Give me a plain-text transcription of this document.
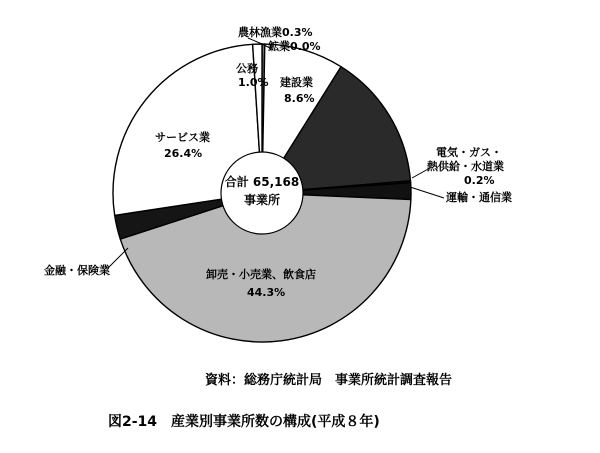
合計 65,168
事業所
農林漁業0.3%
鉱業0.0%
建設業
8.6%
電気・ガス・
熱供給・水道業
0.2%
運輸・通信業
卸売・小売業、飲食店
44.3%
金融・保険業
サービス業
26.4%
公務
1.0%
資料：総務庁統計局　事業所統計調査報告
図2-14　産業別事業所数の構成(平成８年)
